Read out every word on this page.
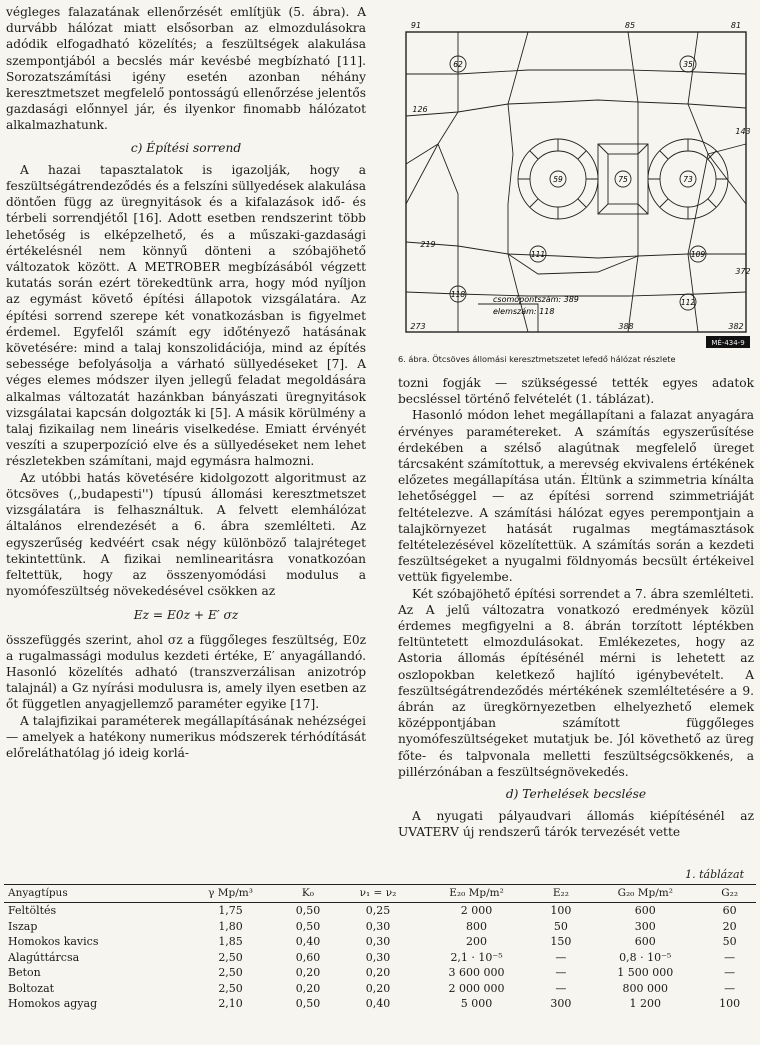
végleges falazatának ellenőrzését említjük (5. ábra). A durvább hálózat miatt elsősorban az elmozdulásokra adódik elfogadható közelítés; a feszültségek alakulása szempontjából a becslés már kevésbé megbízható [11]. Sorozatszámítási igény esetén azonban néhány keresztmetszet megfelelő pontosságú ellenőrzése jelentős gazdasági előnnyel jár, és ilyenkor finomabb hálózatot alkalmazhatunk.
c) Építési sorrend
A hazai tapasztalatok is igazolják, hogy a feszültségátrendeződés és a felszíni süllyedések alakulása döntően függ az üregnyitások és a kifalazások idő- és térbeli sorrendjétől [16]. Adott esetben rendszerint több lehetőség is elképzelhető, és a műszaki-gazdasági értékelésnél nem könnyű dönteni a szóbajöhető változatok között. A METROBER megbízásából végzett kutatás során ezért törekedtünk arra, hogy mód nyíljon az egymást követő építési állapotok vizsgálatára. Az építési sorrend szerepe két vonatkozásban is figyelmet érdemel. Egyfelől számít egy időtényező hatásának követésére: mind a talaj konszolidációja, mind az építés sebessége befolyásolja a várható süllyedéseket [7]. A véges elemes módszer ilyen jellegű feladat megoldására alkalmas változatát hazánkban bányászati üregnyitások vizsgálatai kapcsán dolgozták ki [5]. A másik körülmény a talaj fizikailag nem lineáris viselkedése. Emiatt érvényét veszíti a szuperpozíció elve és a süllyedéseket nem lehet részletekben számítani, majd egymásra halmozni.
Az utóbbi hatás követésére kidolgozott algoritmust az ötcsöves (,,budapesti'') típusú állomási keresztmetszet vizsgálatára is felhasználtuk. A felvett elemhálózat általános elrendezését a 6. ábra szemlélteti. Az egyszerűség kedvéért csak négy különböző talajréteget tekintettünk. A fizikai nemlinearitásra vonatkozóan feltettük, hogy az összenyomódási modulus a nyomófeszültség növekedésével csökken az
Ez = E0z + E′ σz
összefüggés szerint, ahol σz a függőleges feszültség, E0z a rugalmassági modulus kezdeti értéke, E′ anyagállandó. Hasonló közelítés adható (transzverzálisan anizotróp talajnál) a Gz nyírási modulusra is, amely ilyen esetben az őt független anyagjellemző paraméter egyike [17].
A talajfizikai paraméterek megállapításának nehézségei — amelyek a hatékony numerikus módszerek térhódítását előreláthatólag jó ideig korlá-
91	85	81
126
143
219
372
273	388	382
62	35
59	75	73
111	109
118
112
csomópontszám: 389
elemszám: 118
MÉ-434-9
6. ábra. Ötcsöves állomási keresztmetszetet lefedő hálózat részlete
tozni fogják — szükségessé tették egyes adatok becsléssel történő felvételét (1. táblázat).
Hasonló módon lehet megállapítani a falazat anyagára érvényes paramétereket. A számítás egyszerűsítése érdekében a szélső alagútnak megfelelő üreget tárcsaként számítottuk, a merevség ekvivalens értékének előzetes megállapítása után. Éltünk a szimmetria kínálta lehetőséggel — az építési sorrend szimmetriáját feltételezve. A számítási hálózat egyes perempontjain a talajkörnyezet hatását rugalmas megtámasztások feltételezésével közelítettük. A számítás során a kezdeti feszültségeket a nyugalmi földnyomás becsült értékeivel vettük figyelembe.
Két szóbajöhető építési sorrendet a 7. ábra szemlélteti. Az A jelű változatra vonatkozó eredmények közül érdemes megfigyelni a 8. ábrán torzított léptékben feltüntetett elmozdulásokat. Emlékezetes, hogy az Astoria állomás építésénél mérni is lehetett az oszlopokban keletkező hajlító igénybevételt. A feszültségátrendeződés mértékének szemléltetésére a 9. ábrán az üregkörnyezetben elhelyezhető elemek középpontjában számított függőleges nyomófeszültségeket mutatjuk be. Jól követhető az üreg főte- és talpvonala melletti feszültségcsökkenés, a pillérzónában a feszültségnövekedés.
d) Terhelések becslése
A nyugati pályaudvari állomás kiépítésénél az UVATERV új rendszerű tárók tervezését vette
1. táblázat
Anyagtípus	γ Mp/m³	K₀	ν₁ = ν₂	E₂₀ Mp/m²	E₂₂	G₂₀ Mp/m²	G₂₂
Feltöltés	1,75	0,50	0,25	2 000	100	600	60
Iszap	1,80	0,50	0,30	800	50	300	20
Homokos kavics	1,85	0,40	0,30	200	150	600	50
Alagúttárcsa	2,50	0,60	0,30	2,1 · 10⁻⁵	—	0,8 · 10⁻⁵	—
Beton	2,50	0,20	0,20	3 600 000	—	1 500 000	—
Boltozat	2,50	0,20	0,20	2 000 000	—	800 000	—
Homokos agyag	2,10	0,50	0,40	5 000	300	1 200	100
